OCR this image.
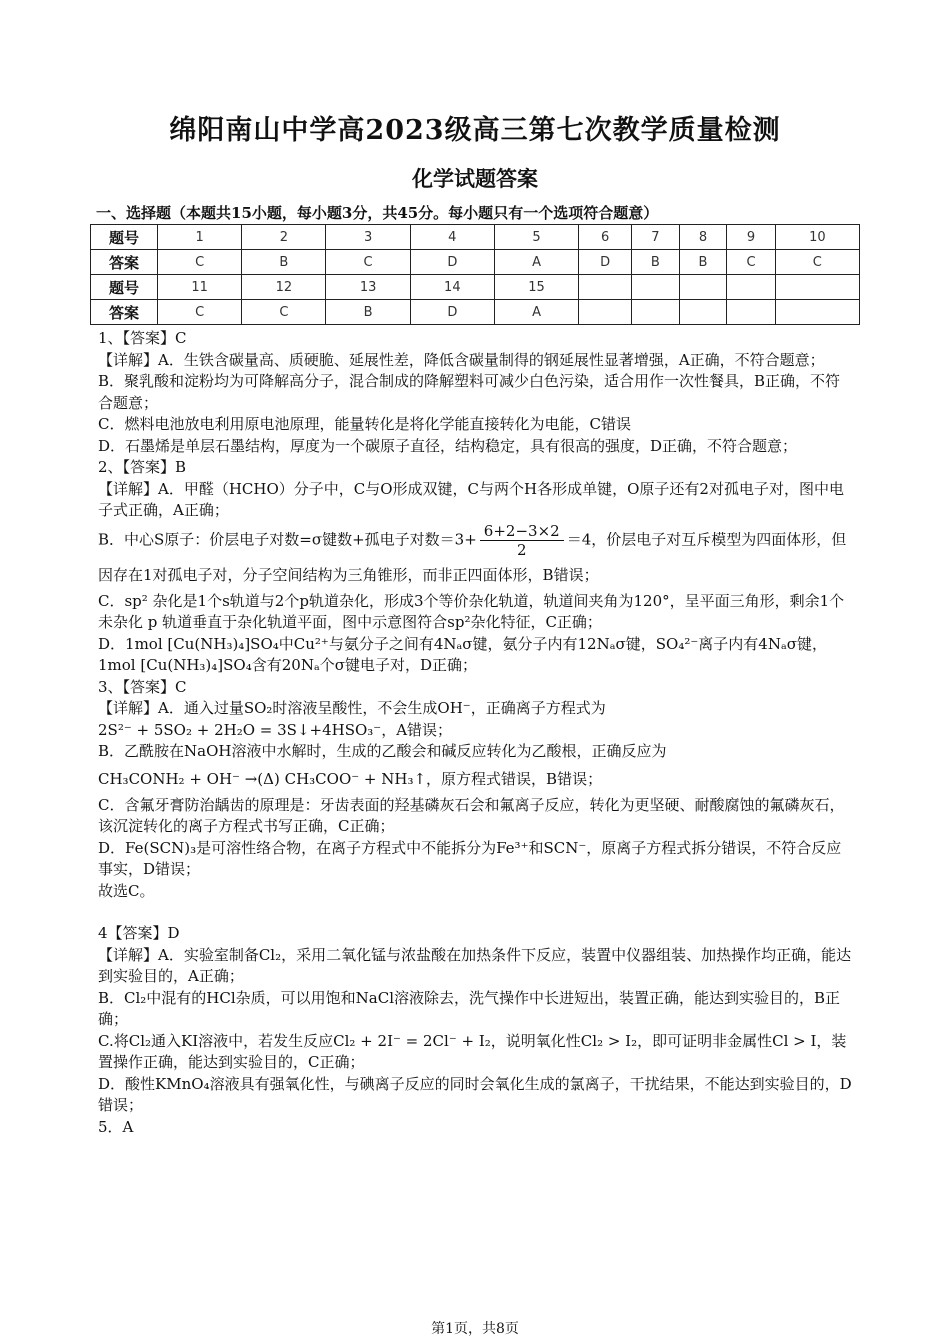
绵阳南山中学高2023级高三第七次教学质量检测
化学试题答案
一、选择题（本题共15小题，每小题3分，共45分。每小题只有一个选项符合题意）
题号	1	2	3	4	5	6	7	8	9	10
答案	C	B	C	D	A	D	B	B	C	C
题号	11	12	13	14	15					
答案	C	C	B	D	A					

1、【答案】C

【详解】A．生铁含碳量高、质硬脆、延展性差，降低含碳量制得的钢延展性显著增强，A正确，不符合题意；

B．聚乳酸和淀粉均为可降解高分子，混合制成的降解塑料可减少白色污染，适合用作一次性餐具，B正确，不符合题意；

C．燃料电池放电利用原电池原理，能量转化是将化学能直接转化为电能，C错误

D．石墨烯是单层石墨结构，厚度为一个碳原子直径，结构稳定，具有很高的强度，D正确，不符合题意；

2、【答案】B

【详解】A．甲醛（HCHO）分子中，C与O形成双键，C与两个H各形成单键，O原子还有2对孤电子对，图中电子式正确，A正确；

B．中心S原子：价层电子对数=σ键数+孤电子对数$=3+ \frac{6+2-3\times 2}{2} =4$，价层电子对互斥模型为四面体形，但因存在1对孤电子对，分子空间结构为三角锥形，而非正四面体形，B错误；

C．sp² 杂化是1个s轨道与2个p轨道杂化，形成3个等价杂化轨道，轨道间夹角为120°，呈平面三角形，剩余1个未杂化 p 轨道垂直于杂化轨道平面，图中示意图符合sp²杂化特征，C正确；

D．1mol [Cu(NH₃)₄]SO₄中Cu²⁺与氨分子之间有4Nₐσ键，氨分子内有12Nₐσ键，SO₄²⁻离子内有4Nₐσ键，

1mol [Cu(NH₃)₄]SO₄含有20Nₐ个σ键电子对，D正确；

3、【答案】C

【详解】A．通入过量SO₂时溶液呈酸性，不会生成OH⁻，正确离子方程式为

2S²⁻ + 5SO₂ + 2H₂O = 3S↓+4HSO₃⁻，A错误；

B．乙酰胺在NaOH溶液中水解时，生成的乙酸会和碱反应转化为乙酸根，正确反应为

CH₃CONH₂ + OH⁻ →(Δ) CH₃COO⁻ + NH₃↑，原方程式错误，B错误；

C．含氟牙膏防治龋齿的原理是：牙齿表面的羟基磷灰石会和氟离子反应，转化为更坚硬、耐酸腐蚀的氟磷灰石，该沉淀转化的离子方程式书写正确，C正确；

D．Fe(SCN)₃是可溶性络合物，在离子方程式中不能拆分为Fe³⁺和SCN⁻，原离子方程式拆分错误，不符合反应事实，D错误；

故选C。

4【答案】D

【详解】A．实验室制备Cl₂，采用二氧化锰与浓盐酸在加热条件下反应，装置中仪器组装、加热操作均正确，能达到实验目的，A正确；

B．Cl₂中混有的HCl杂质，可以用饱和NaCl溶液除去，洗气操作中长进短出，装置正确，能达到实验目的，B正确；

C.将Cl₂通入KI溶液中，若发生反应Cl₂ + 2I⁻ = 2Cl⁻ + I₂，说明氧化性Cl₂ > I₂，即可证明非金属性Cl > I，装置操作正确，能达到实验目的，C正确；

D．酸性KMnO₄溶液具有强氧化性，与碘离子反应的同时会氧化生成的氯离子，干扰结果，不能达到实验目的，D错误；

5．A

第1页，共8页
